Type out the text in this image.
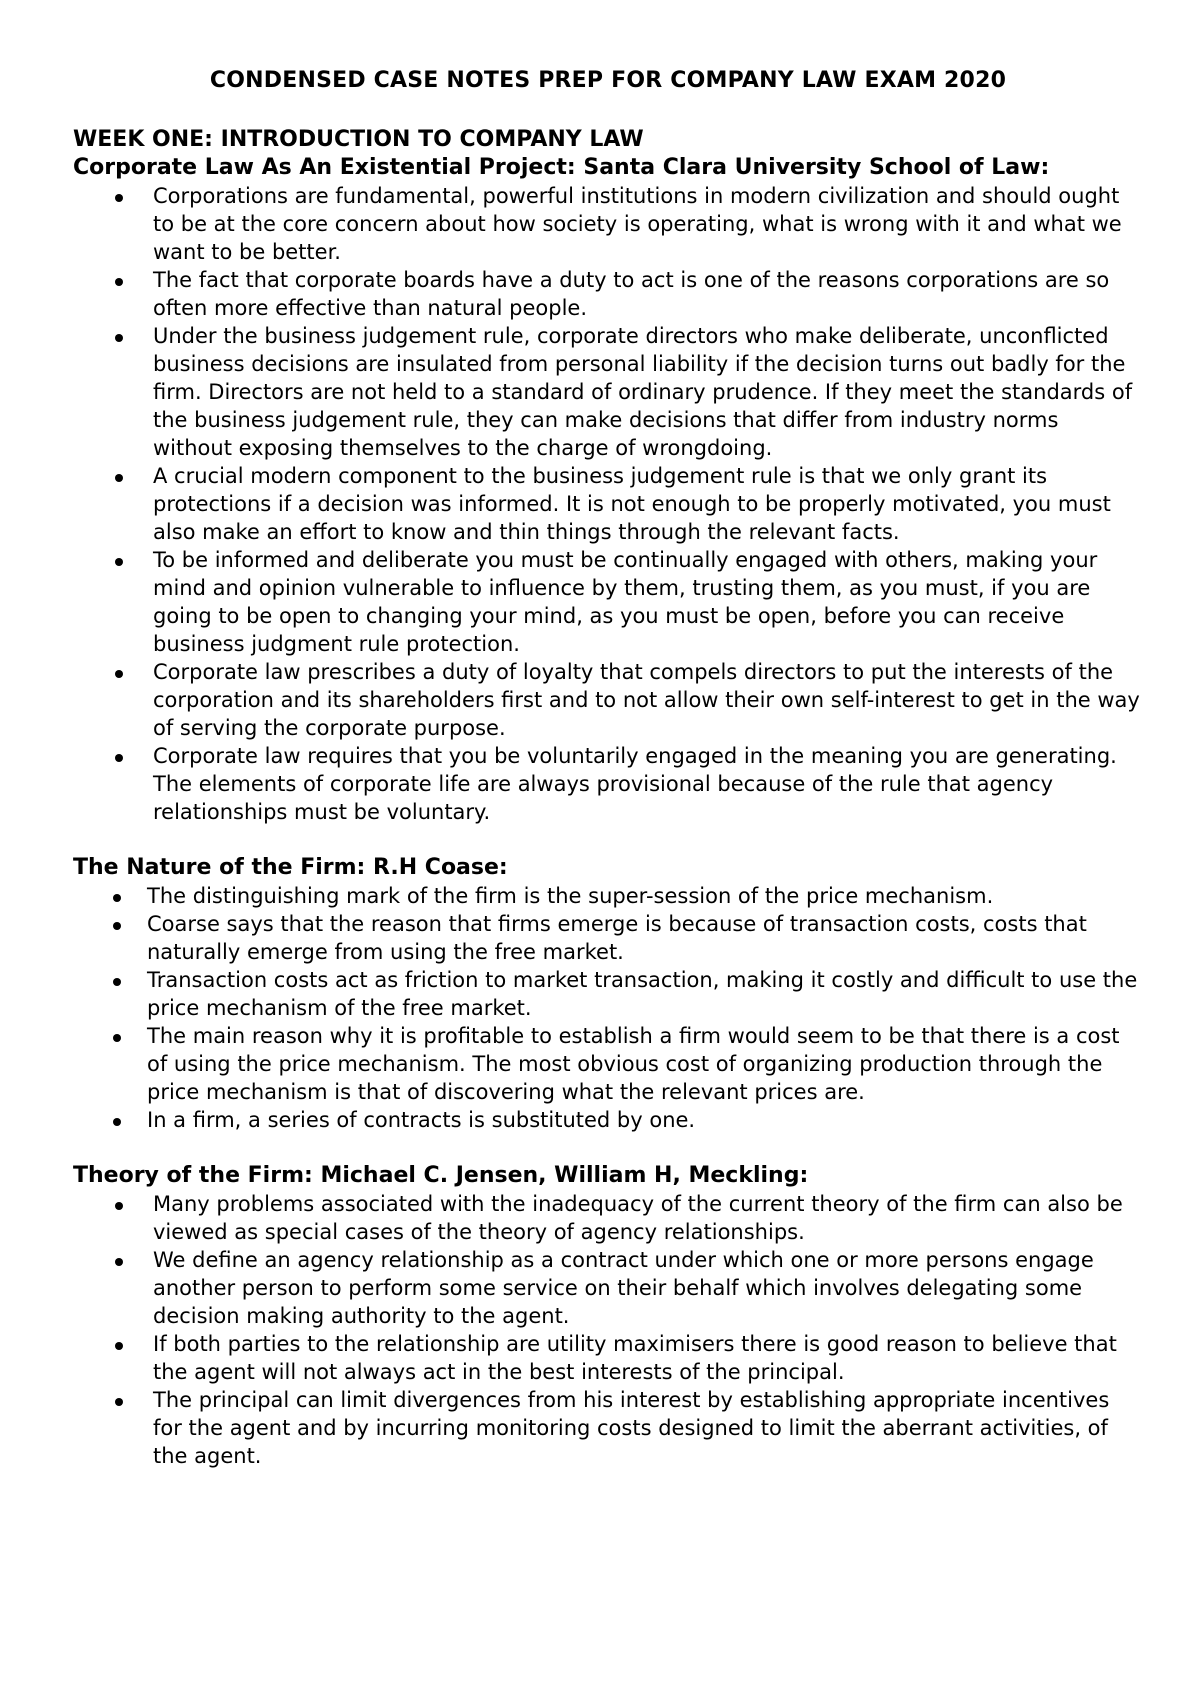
CONDENSED CASE NOTES PREP FOR COMPANY LAW EXAM 2020
WEEK ONE: INTRODUCTION TO COMPANY LAW
Corporate Law As An Existential Project: Santa Clara University School of Law:
Corporations are fundamental, powerful institutions in modern civilization and should ought to be at the core concern about how society is operating, what is wrong with it and what we want to be better.
The fact that corporate boards have a duty to act is one of the reasons corporations are so often more effective than natural people.
Under the business judgement rule, corporate directors who make deliberate, unconflicted business decisions are insulated from personal liability if the decision turns out badly for the firm. Directors are not held to a standard of ordinary prudence. If they meet the standards of the business judgement rule, they can make decisions that differ from industry norms without exposing themselves to the charge of wrongdoing.
A crucial modern component to the business judgement rule is that we only grant its protections if a decision was informed. It is not enough to be properly motivated, you must also make an effort to know and thin things through the relevant facts.
To be informed and deliberate you must be continually engaged with others, making your mind and opinion vulnerable to influence by them, trusting them, as you must, if you are going to be open to changing your mind, as you must be open, before you can receive business judgment rule protection.
Corporate law prescribes a duty of loyalty that compels directors to put the interests of the corporation and its shareholders first and to not allow their own self-interest to get in the way of serving the corporate purpose.
Corporate law requires that you be voluntarily engaged in the meaning you are generating. The elements of corporate life are always provisional because of the rule that agency relationships must be voluntary.
The Nature of the Firm: R.H Coase:
The distinguishing mark of the firm is the super-session of the price mechanism.
Coarse says that the reason that firms emerge is because of transaction costs, costs that naturally emerge from using the free market.
Transaction costs act as friction to market transaction, making it costly and difficult to use the price mechanism of the free market.
The main reason why it is profitable to establish a firm would seem to be that there is a cost of using the price mechanism. The most obvious cost of organizing production through the price mechanism is that of discovering what the relevant prices are.
In a firm, a series of contracts is substituted by one.
Theory of the Firm: Michael C. Jensen, William H, Meckling:
Many problems associated with the inadequacy of the current theory of the firm can also be viewed as special cases of the theory of agency relationships.
We define an agency relationship as a contract under which one or more persons engage another person to perform some service on their behalf which involves delegating some decision making authority to the agent.
If both parties to the relationship are utility maximisers there is good reason to believe that the agent will not always act in the best interests of the principal.
The principal can limit divergences from his interest by establishing appropriate incentives for the agent and by incurring monitoring costs designed to limit the aberrant activities, of the agent.
